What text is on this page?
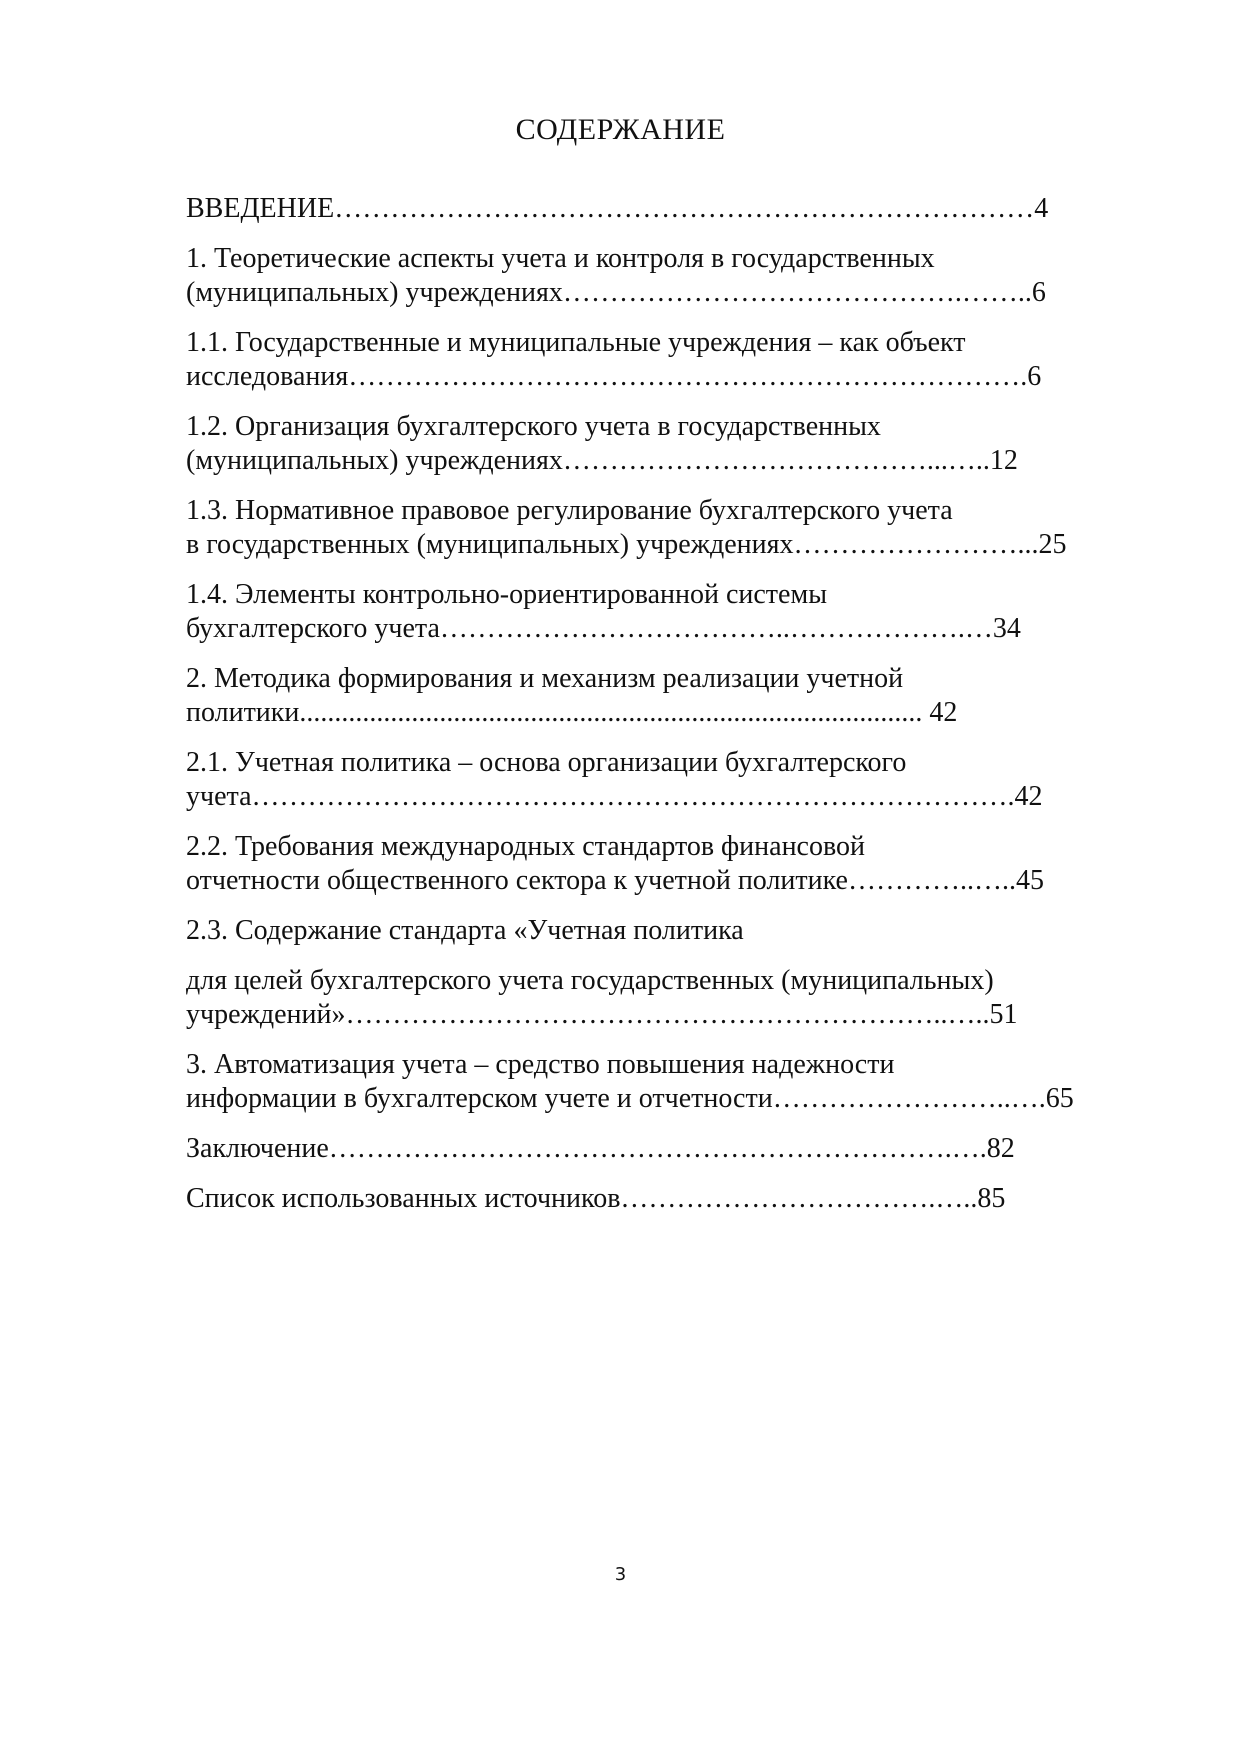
СОДЕРЖАНИЕ
ВВЕДЕНИЕ…………………………………………………………………4
1. Теоретические аспекты учета и контроля в государственных
(муниципальных) учреждениях…………………………………….……..6
1.1. Государственные и муниципальные учреждения – как объект
исследования……………………………………………………………….6
1.2. Организация бухгалтерского учета в государственных
(муниципальных) учреждениях…………………………………...…..12
1.3. Нормативное правовое регулирование бухгалтерского учета
в государственных (муниципальных) учреждениях……………………...25
1.4. Элементы контрольно-ориентированной системы
бухгалтерского учета………………………………..……………….…34
2. Методика формирования и механизм реализации учетной
политики......................................................................................... 42
2.1. Учетная политика – основа организации бухгалтерского
учета……………………………………………………………………….42
2.2. Требования международных стандартов финансовой
отчетности общественного сектора к учетной политике…………..…..45
2.3. Содержание стандарта «Учетная политика
для целей бухгалтерского учета государственных (муниципальных)
учреждений»………………………………………………………..…..51
3. Автоматизация учета – средство повышения надежности
информации в бухгалтерском учете и отчетности……………………..….65
Заключение………………………………………………………….….82
Список использованных источников…………………………….…..85
3
